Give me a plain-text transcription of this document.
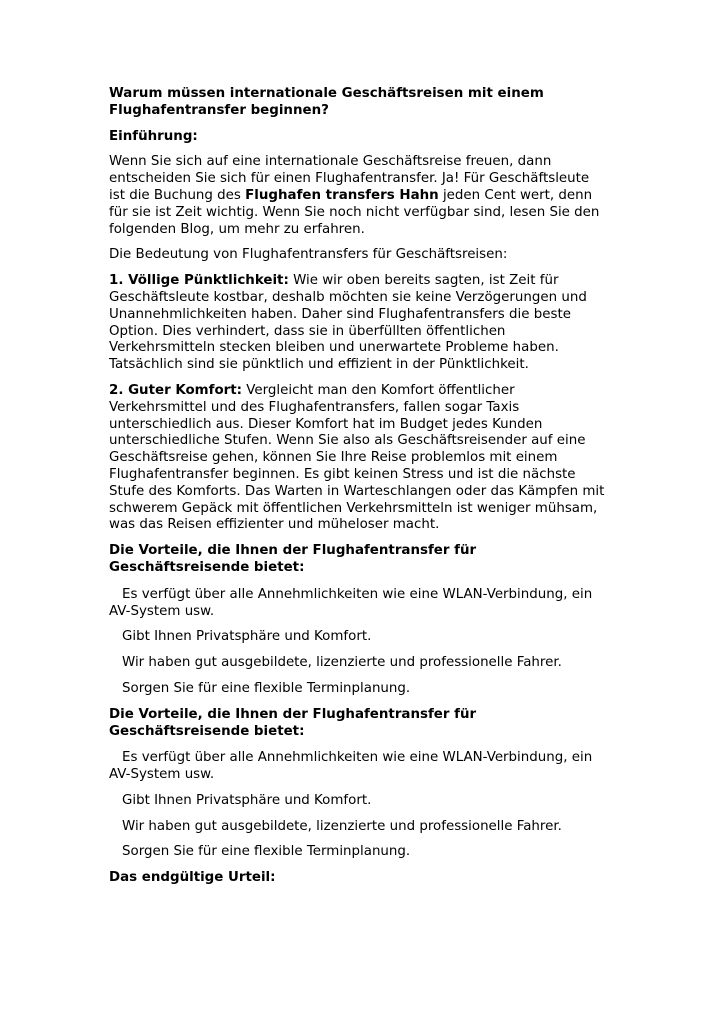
Warum müssen internationale Geschäftsreisen mit einem Flughafentransfer beginnen?
Einführung:

Wenn Sie sich auf eine internationale Geschäftsreise freuen, dann entscheiden Sie sich für einen Flughafentransfer. Ja! Für Geschäftsleute ist die Buchung des Flughafen transfers Hahn jeden Cent wert, denn für sie ist Zeit wichtig. Wenn Sie noch nicht verfügbar sind, lesen Sie den folgenden Blog, um mehr zu erfahren.

Die Bedeutung von Flughafentransfers für Geschäftsreisen:

1. Völlige Pünktlichkeit: Wie wir oben bereits sagten, ist Zeit für Geschäftsleute kostbar, deshalb möchten sie keine Verzögerungen und Unannehmlichkeiten haben. Daher sind Flughafentransfers die beste Option. Dies verhindert, dass sie in überfüllten öffentlichen Verkehrsmitteln stecken bleiben und unerwartete Probleme haben. Tatsächlich sind sie pünktlich und effizient in der Pünktlichkeit.

2. Guter Komfort: Vergleicht man den Komfort öffentlicher Verkehrsmittel und des Flughafentransfers, fallen sogar Taxis unterschiedlich aus. Dieser Komfort hat im Budget jedes Kunden unterschiedliche Stufen. Wenn Sie also als Geschäftsreisender auf eine Geschäftsreise gehen, können Sie Ihre Reise problemlos mit einem Flughafentransfer beginnen. Es gibt keinen Stress und ist die nächste Stufe des Komforts. Das Warten in Warteschlangen oder das Kämpfen mit schwerem Gepäck mit öffentlichen Verkehrsmitteln ist weniger mühsam, was das Reisen effizienter und müheloser macht.

Die Vorteile, die Ihnen der Flughafentransfer für Geschäftsreisende bietet:

Es verfügt über alle Annehmlichkeiten wie eine WLAN-Verbindung, ein AV-System usw.

Gibt Ihnen Privatsphäre und Komfort.

Wir haben gut ausgebildete, lizenzierte und professionelle Fahrer.

Sorgen Sie für eine flexible Terminplanung.

Die Vorteile, die Ihnen der Flughafentransfer für Geschäftsreisende bietet:

Es verfügt über alle Annehmlichkeiten wie eine WLAN-Verbindung, ein AV-System usw.

Gibt Ihnen Privatsphäre und Komfort.

Wir haben gut ausgebildete, lizenzierte und professionelle Fahrer.

Sorgen Sie für eine flexible Terminplanung.

Das endgültige Urteil:
